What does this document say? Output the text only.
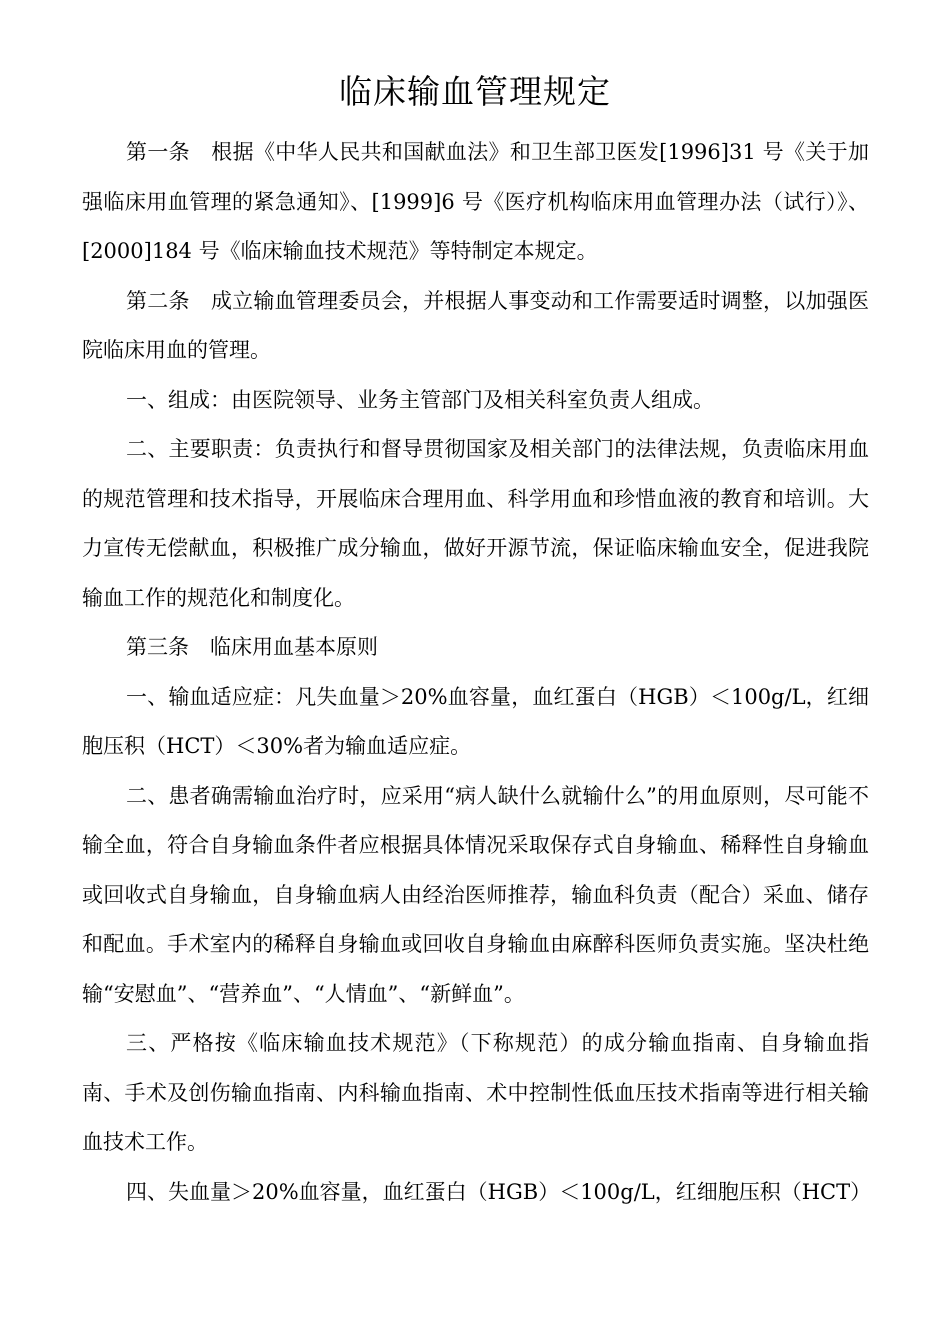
临床输血管理规定

第一条　根据《中华人民共和国献血法》和卫生部卫医发[1996]31 号《关于加强临床用血管理的紧急通知》、[1999]6 号《医疗机构临床用血管理办法（试行）》、[2000]184 号《临床输血技术规范》等特制定本规定。

第二条　成立输血管理委员会，并根据人事变动和工作需要适时调整，以加强医院临床用血的管理。

一、组成：由医院领导、业务主管部门及相关科室负责人组成。

二、主要职责：负责执行和督导贯彻国家及相关部门的法律法规，负责临床用血的规范管理和技术指导，开展临床合理用血、科学用血和珍惜血液的教育和培训。大力宣传无偿献血，积极推广成分输血，做好开源节流，保证临床输血安全，促进我院输血工作的规范化和制度化。

第三条　临床用血基本原则

一、输血适应症：凡失血量＞20%血容量，血红蛋白（HGB）＜100g/L，红细胞压积（HCT）＜30%者为输血适应症。

二、患者确需输血治疗时，应采用“病人缺什么就输什么”的用血原则，尽可能不输全血，符合自身输血条件者应根据具体情况采取保存式自身输血、稀释性自身输血或回收式自身输血，自身输血病人由经治医师推荐，输血科负责（配合）采血、储存和配血。手术室内的稀释自身输血或回收自身输血由麻醉科医师负责实施。坚决杜绝输“安慰血”、“营养血”、“人情血”、“新鲜血”。

三、严格按《临床输血技术规范》（下称规范）的成分输血指南、自身输血指南、手术及创伤输血指南、内科输血指南、术中控制性低血压技术指南等进行相关输血技术工作。

四、失血量＞20%血容量，血红蛋白（HGB）＜100g/L，红细胞压积（HCT）
